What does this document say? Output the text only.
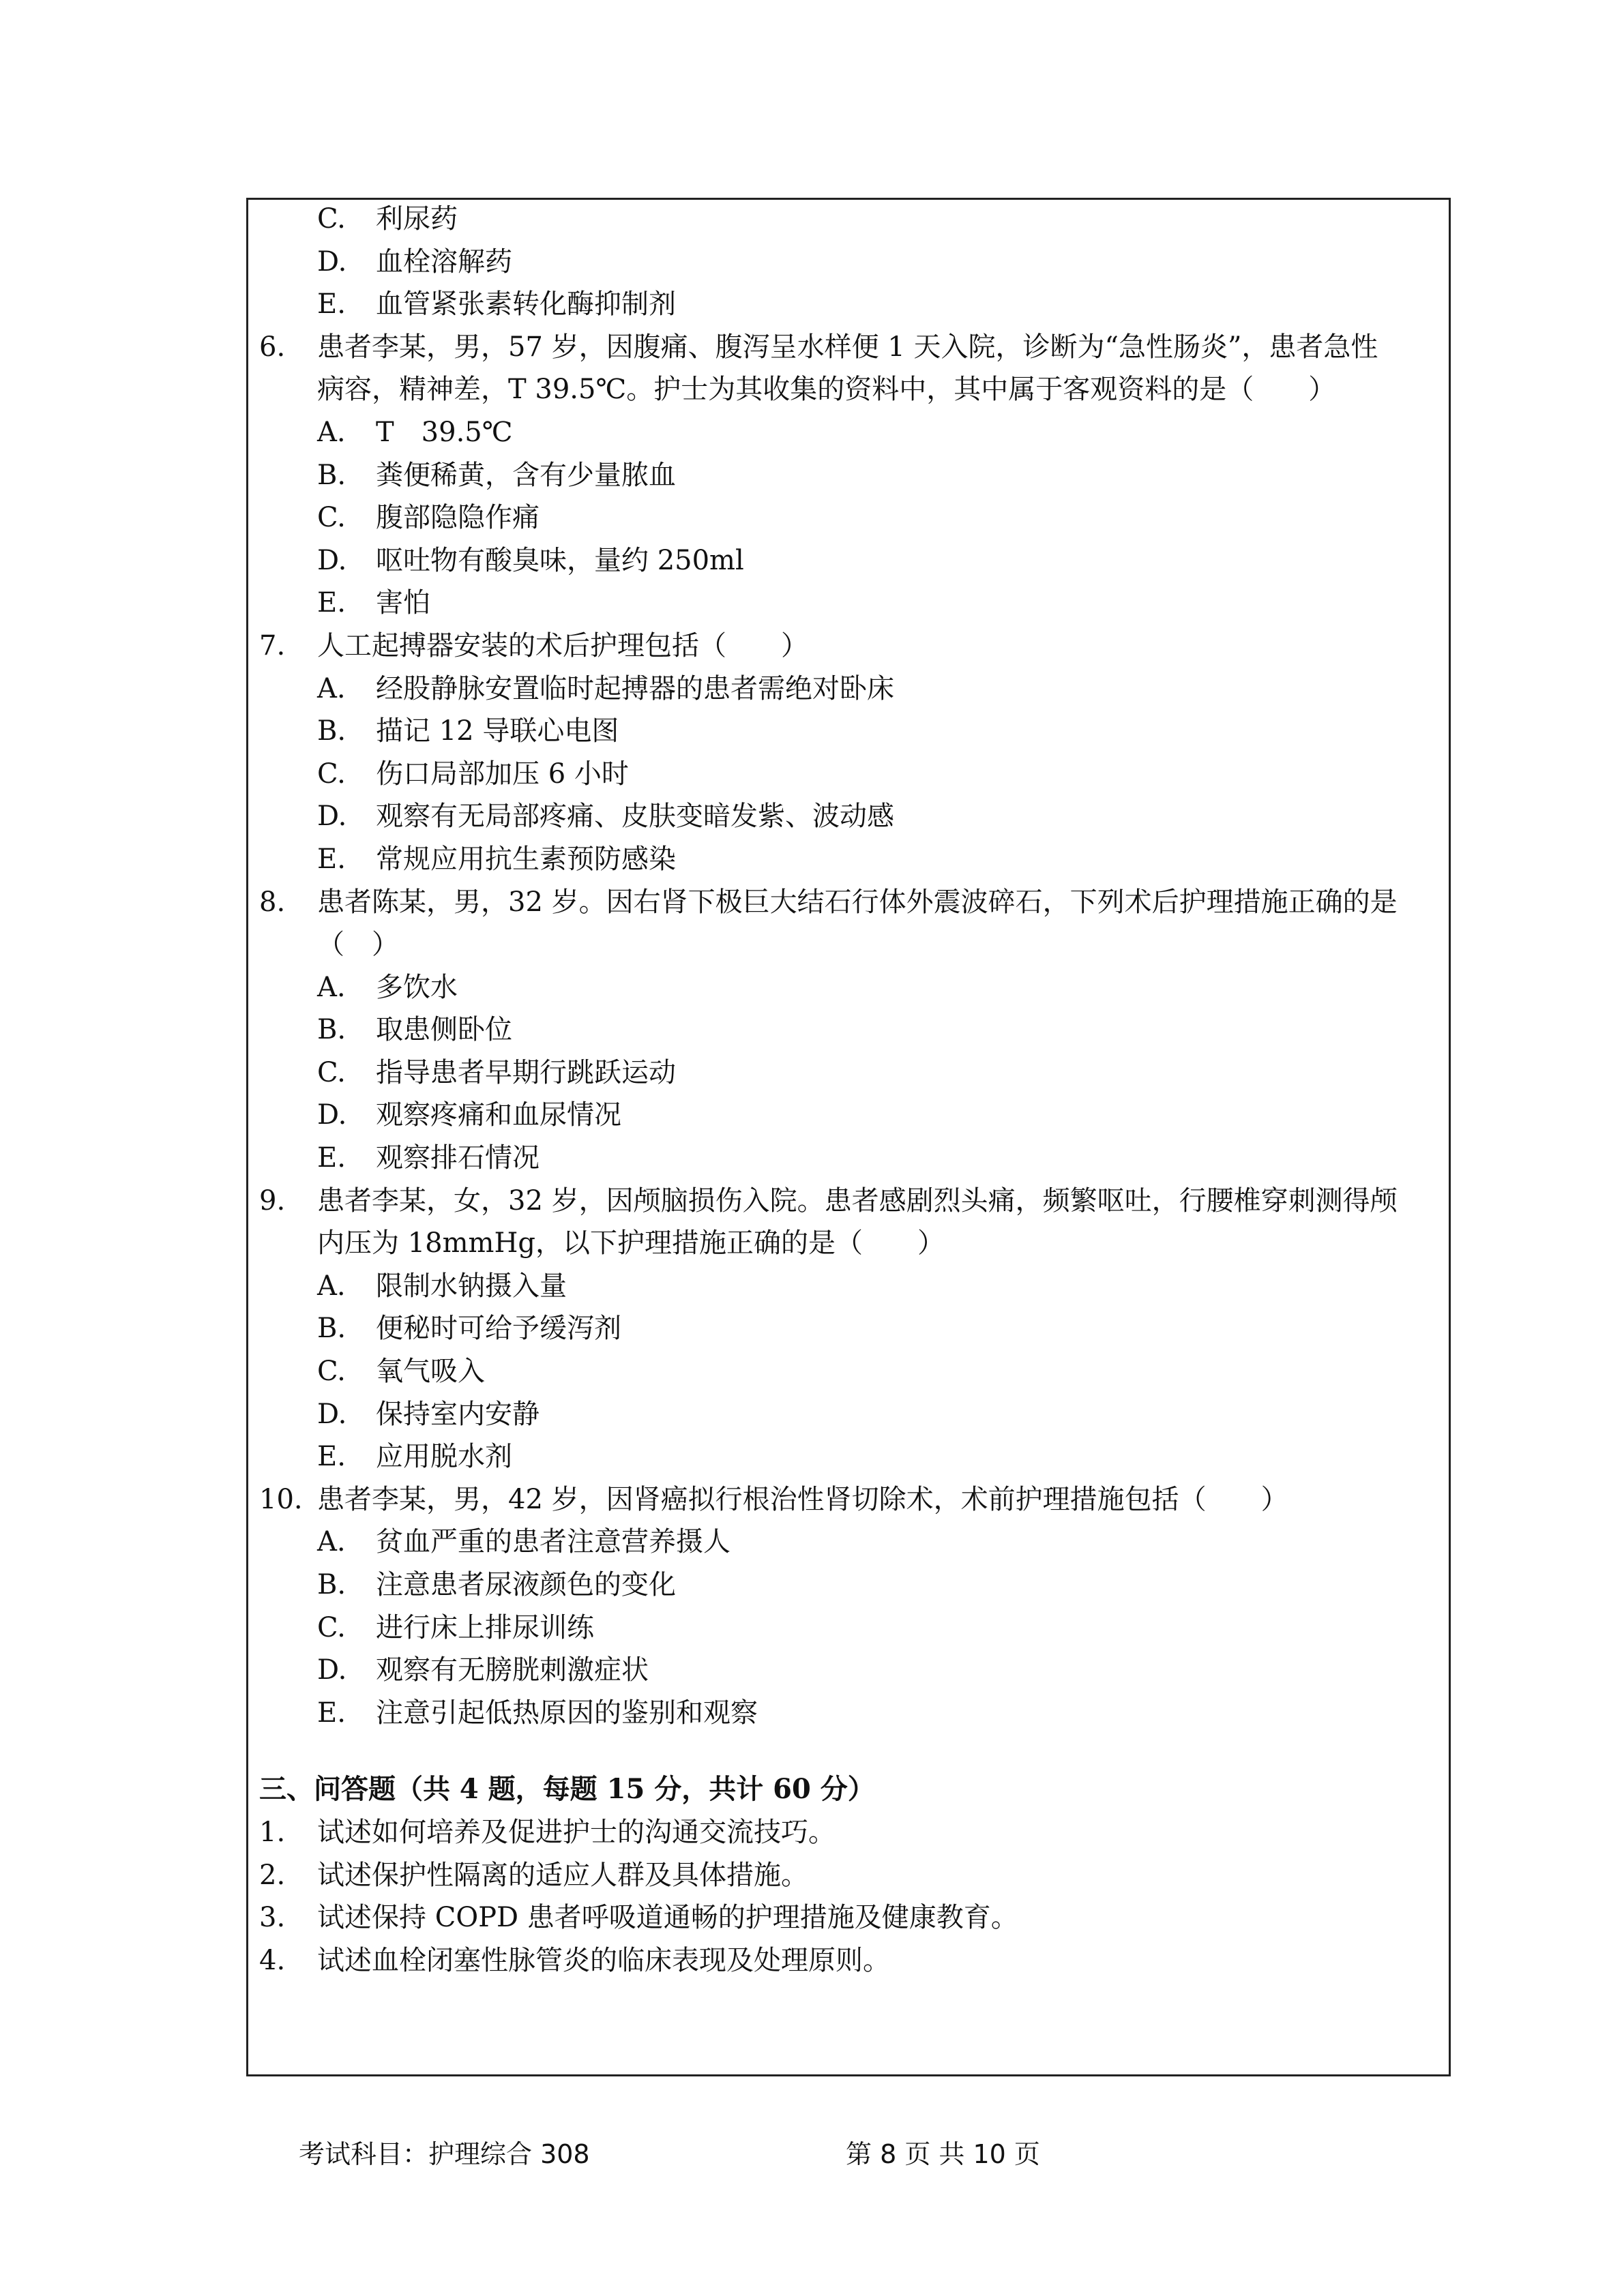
C. 利尿药
D. 血栓溶解药
E. 血管紧张素转化酶抑制剂
6. 患者李某，男，57 岁，因腹痛、腹泻呈水样便 1 天入院，诊断为“急性肠炎”，患者急性
病容，精神差，T 39.5℃。护士为其收集的资料中，其中属于客观资料的是（　　）
A. T　39.5℃
B. 粪便稀黄，含有少量脓血
C. 腹部隐隐作痛
D. 呕吐物有酸臭味，量约 250ml
E. 害怕
7. 人工起搏器安装的术后护理包括（　　）
A. 经股静脉安置临时起搏器的患者需绝对卧床
B. 描记 12 导联心电图
C. 伤口局部加压 6 小时
D. 观察有无局部疼痛、皮肤变暗发紫、波动感
E. 常规应用抗生素预防感染
8. 患者陈某，男，32 岁。因右肾下极巨大结石行体外震波碎石，下列术后护理措施正确的是
（　）
A. 多饮水
B. 取患侧卧位
C. 指导患者早期行跳跃运动
D. 观察疼痛和血尿情况
E. 观察排石情况
9. 患者李某，女，32 岁，因颅脑损伤入院。患者感剧烈头痛，频繁呕吐，行腰椎穿刺测得颅
内压为 18mmHg，以下护理措施正确的是（　　）
A. 限制水钠摄入量
B. 便秘时可给予缓泻剂
C. 氧气吸入
D. 保持室内安静
E. 应用脱水剂
10. 患者李某，男，42 岁，因肾癌拟行根治性肾切除术，术前护理措施包括（　　）
A. 贫血严重的患者注意营养摄人
B. 注意患者尿液颜色的变化
C. 进行床上排尿训练
D. 观察有无膀胱刺激症状
E. 注意引起低热原因的鉴别和观察
三、问答题（共 4 题，每题 15 分，共计 60 分）
1. 试述如何培养及促进护士的沟通交流技巧。
2. 试述保护性隔离的适应人群及具体措施。
3. 试述保持 COPD 患者呼吸道通畅的护理措施及健康教育。
4. 试述血栓闭塞性脉管炎的临床表现及处理原则。
考试科目：护理综合 308	第 8 页 共 10 页
